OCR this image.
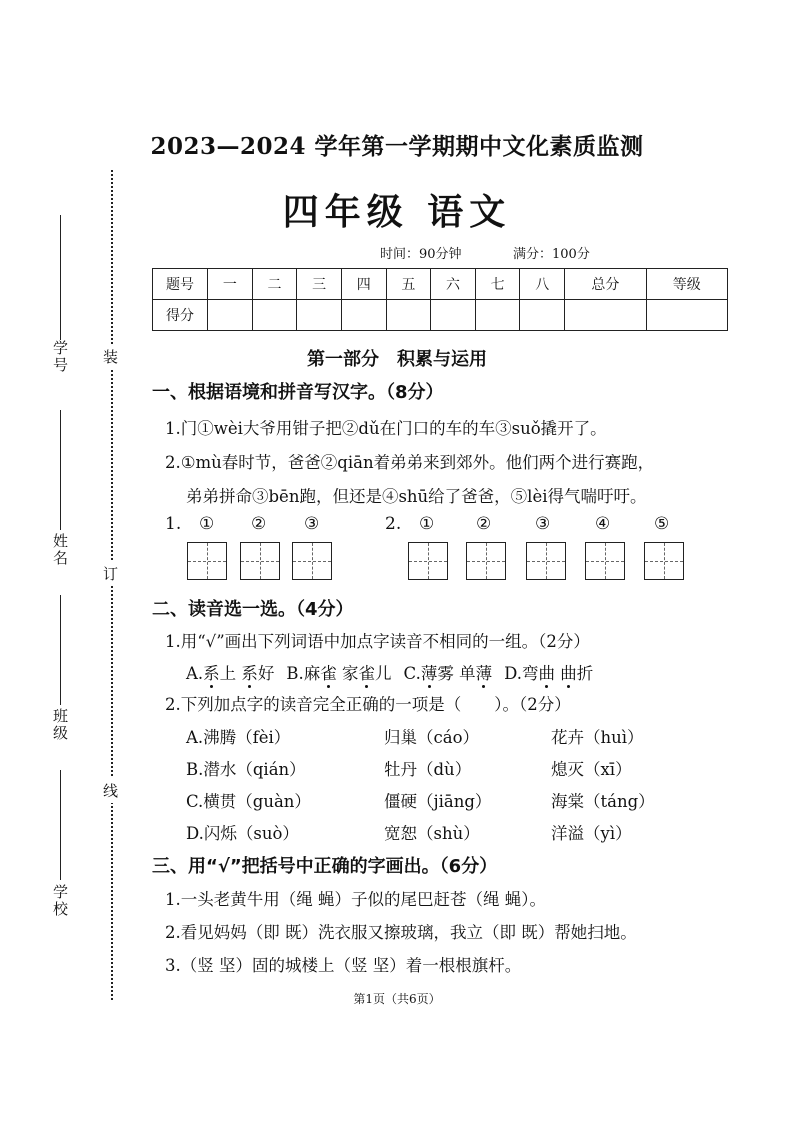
学号
姓名
班级
学校
装
订
线
2023—2024 学年第一学期期中文化素质监测
四年级 语文
时间：90分钟	满分：100分
题号	一	二	三	四	五	六	七	八	总分	等级
得分										
第一部分　积累与运用
一、根据语境和拼音写汉字。（8分）
1.门①wèi大爷用钳子把②dǔ在门口的车的车③suǒ撬开了。
2.①mù春时节，爸爸②qiān着弟弟来到郊外。他们两个进行赛跑，
弟弟拼命③bēn跑，但还是④shū给了爸爸，⑤lèi得气喘吁吁。
1. ① ② ③	2. ① ②	③	④	⑤
二、读音选一选。（4分）
1.用“√”画出下列词语中加点字读音不相同的一组。（2分）
A.系上 系好 B.麻雀 家雀儿 C.薄雾 单薄 D.弯曲 曲折
2.下列加点字的读音完全正确的一项是（　　）。（2分）
A.沸腾（fèi）	归巢（cáo）	花卉（huì）
B.潜水（qián）	牡丹（dù）	熄灭（xī）
C.横贯（guàn）	僵硬（jiāng）	海棠（táng）
D.闪烁（suò）	宽恕（shù）	洋溢（yì）
三、用“√”把括号中正确的字画出。（6分）
1.一头老黄牛用（绳 蝇）子似的尾巴赶苍（绳 蝇）。
2.看见妈妈（即 既）洗衣服又擦玻璃，我立（即 既）帮她扫地。
3.（竖 坚）固的城楼上（竖 坚）着一根根旗杆。
第1页（共6页）
